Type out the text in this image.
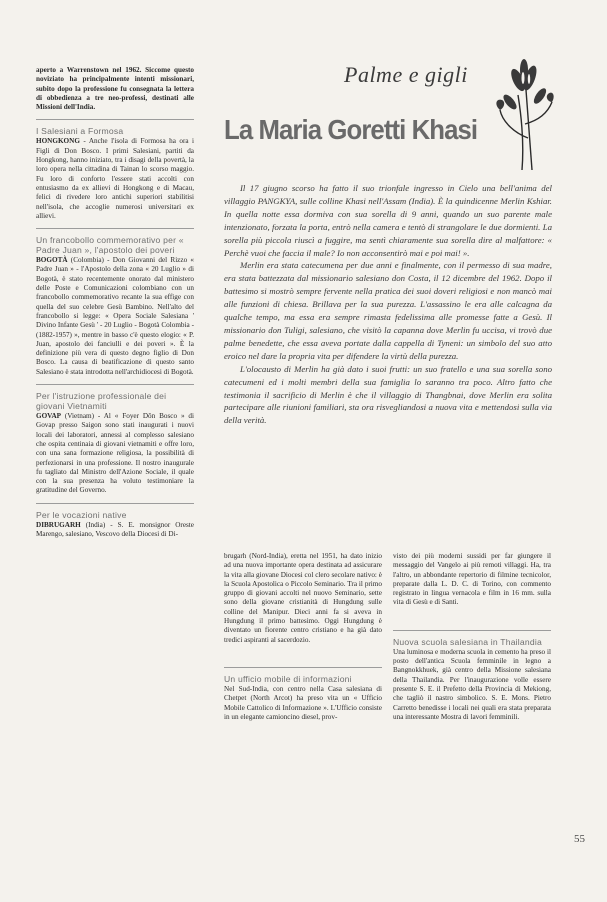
aperto a Warrenstown nel 1962. Siccome questo noviziato ha principalmente intenti missionari, subito dopo la professione fu consegnata la lettera di obbedienza a tre neo-professi, destinati alle Missioni dell'India.

I Salesiani a Formosa

HONGKONG - Anche l'isola di Formosa ha ora i Figli di Don Bosco. I primi Salesiani, partiti da Hongkong, hanno iniziato, tra i disagi della povertà, la loro opera nella cittadina di Tainan lo scorso maggio. Fu loro di conforto l'essere stati accolti con entusiasmo da ex allievi di Hongkong e di Macau, felici di rivedere loro antichi superiori stabilitisi nell'isola, che accoglie numerosi universitari ex allievi.

Un francobollo commemorativo per « Padre Juan », l'apostolo dei poveri

BOGOTÀ (Colombia) - Don Giovanni del Rizzo « Padre Juan » - l'Apostolo della zona « 20 Luglio » di Bogotà, è stato recentemente onorato dal ministero delle Poste e Comunicazioni colombiano con un francobollo commemorativo recante la sua effige con quella del suo celebre Gesù Bambino. Nell'alto del francobollo si legge: « Opera Sociale Salesiana ' Divino Infante Gesù ' - 20 Luglio - Bogotà Colombia - (1882-1957) », mentre in basso c'è questo elogio: « P. Juan, apostolo dei fanciulli e dei poveri ». È la definizione più vera di questo degno figlio di Don Bosco. La causa di beatificazione di questo santo Salesiano è stata introdotta nell'archidiocesi di Bogotà.

Per l'istruzione professionale dei giovani Vietnamiti

GOVAP (Vietnam) - Al « Foyer Dôn Bosco » di Govap presso Saigon sono stati inaugurati i nuovi locali dei laboratori, annessi al complesso salesiano che ospita centinaia di giovani vietnamiti e offre loro, con una sana formazione religiosa, la possibilità di perfezionarsi in una professione. Il nostro inaugurale fu tagliato dal Ministro dell'Azione Sociale, il quale con la sua presenza ha voluto testimoniare la gratitudine del Governo.

Per le vocazioni native

DIBRUGARH (India) - S. E. monsignor Oreste Marengo, salesiano, Vescovo della Diocesi di Di-

Palme e gigli
La Maria Goretti Khasi

Il 17 giugno scorso ha fatto il suo trionfale ingresso in Cielo una bell'anima del villaggio PANGKYA, sulle colline Khasi nell'Assam (India). È la quindicenne Merlin Kshiar. In quella notte essa dormiva con sua sorella di 9 anni, quando un suo parente male intenzionato, forzata la porta, entrò nella camera e tentò di strangolare le due dormienti. La sorella più piccola riuscì a fuggire, ma sentì chiaramente sua sorella dire al malfattore: « Perchè vuoi che faccia il male? Io non acconsentirò mai e poi mai! ».

Merlin era stata catecumena per due anni e finalmente, con il permesso di sua madre, era stata battezzata dal missionario salesiano don Costa, il 12 dicembre del 1962. Dopo il battesimo si mostrò sempre fervente nella pratica dei suoi doveri religiosi e non mancò mai alle funzioni di chiesa. Brillava per la sua purezza. L'assassino le era alle calcagna da qualche tempo, ma essa era sempre rimasta fedelissima alle promesse fatte a Gesù. Il missionario don Tuligi, salesiano, che visitò la capanna dove Merlin fu uccisa, vi trovò due palme benedette, che essa aveva portate dalla cappella di Tyneni: un simbolo del suo atto eroico nel dare la propria vita per difendere la virtù della purezza.

L'olocausto di Merlin ha già dato i suoi frutti: un suo fratello e una sua sorella sono catecumeni ed i molti membri della sua famiglia lo saranno tra poco. Altro fatto che testimonia il sacrificio di Merlin è che il villaggio di Thangbnai, dove Merlin era solita partecipare alle riunioni familiari, sta ora risvegliandosi a nuova vita e mettendosi sulla via della verità.

brugarh (Nord-India), eretta nel 1951, ha dato inizio ad una nuova importante opera destinata ad assicurare la vita alla giovane Diocesi col clero secolare nativo: è la Scuola Apostolica o Piccolo Seminario. Tra il primo gruppo di giovani accolti nel nuovo Seminario, sette sono della giovane cristianità di Hungdung sulle colline del Manipur. Dieci anni fa si aveva in Hungdung il primo battesimo. Oggi Hungdung è diventato un fiorente centro cristiano e ha già dato tredici aspiranti al sacerdozio.

Un ufficio mobile di informazioni

Nel Sud-India, con centro nella Casa salesiana di Chetpet (North Arcot) ha preso vita un « Ufficio Mobile Cattolico di Informazione ». L'Ufficio consiste in un elegante camioncino diesel, prov-

visto dei più moderni sussidi per far giungere il messaggio del Vangelo ai più remoti villaggi. Ha, tra l'altro, un abbondante repertorio di filmine tecnicolor, preparate dalla L. D. C. di Torino, con commento registrato in lingua vernacola e film in 16 mm. sulla vita di Gesù e di Santi.

Nuova scuola salesiana in Thailandia

Una luminosa e moderna scuola in cemento ha preso il posto dell'antica Scuola femminile in legno a Bangnokkhuek, già centro della Missione salesiana della Thailandia. Per l'inaugurazione volle essere presente S. E. il Prefetto della Provincia di Mekiong, che tagliò il nastro simbolico. S. E. Mons. Pietro Carretto benedisse i locali nei quali era stata preparata una interessante Mostra di lavori femminili.

55
